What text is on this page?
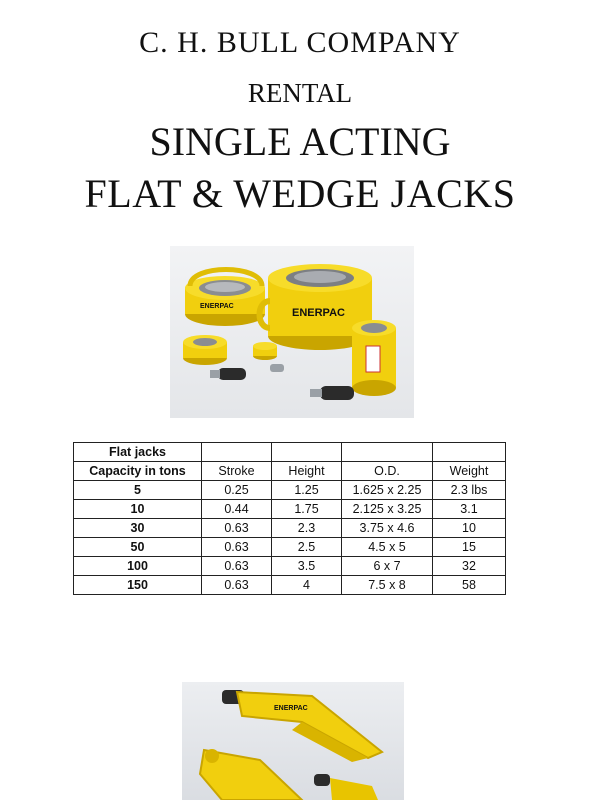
C. H. BULL COMPANY
RENTAL
SINGLE ACTING
FLAT & WEDGE JACKS
ENERPAC
ENERPAC
Flat jacks				
Capacity in tons	Stroke	Height	O.D.	Weight
5	0.25	1.25	1.625 x 2.25	2.3 lbs
10	0.44	1.75	2.125 x 3.25	3.1
30	0.63	2.3	3.75 x 4.6	10
50	0.63	2.5	4.5 x 5	15
100	0.63	3.5	6 x 7	32
150	0.63	4	7.5 x 8	58
ENERPAC
